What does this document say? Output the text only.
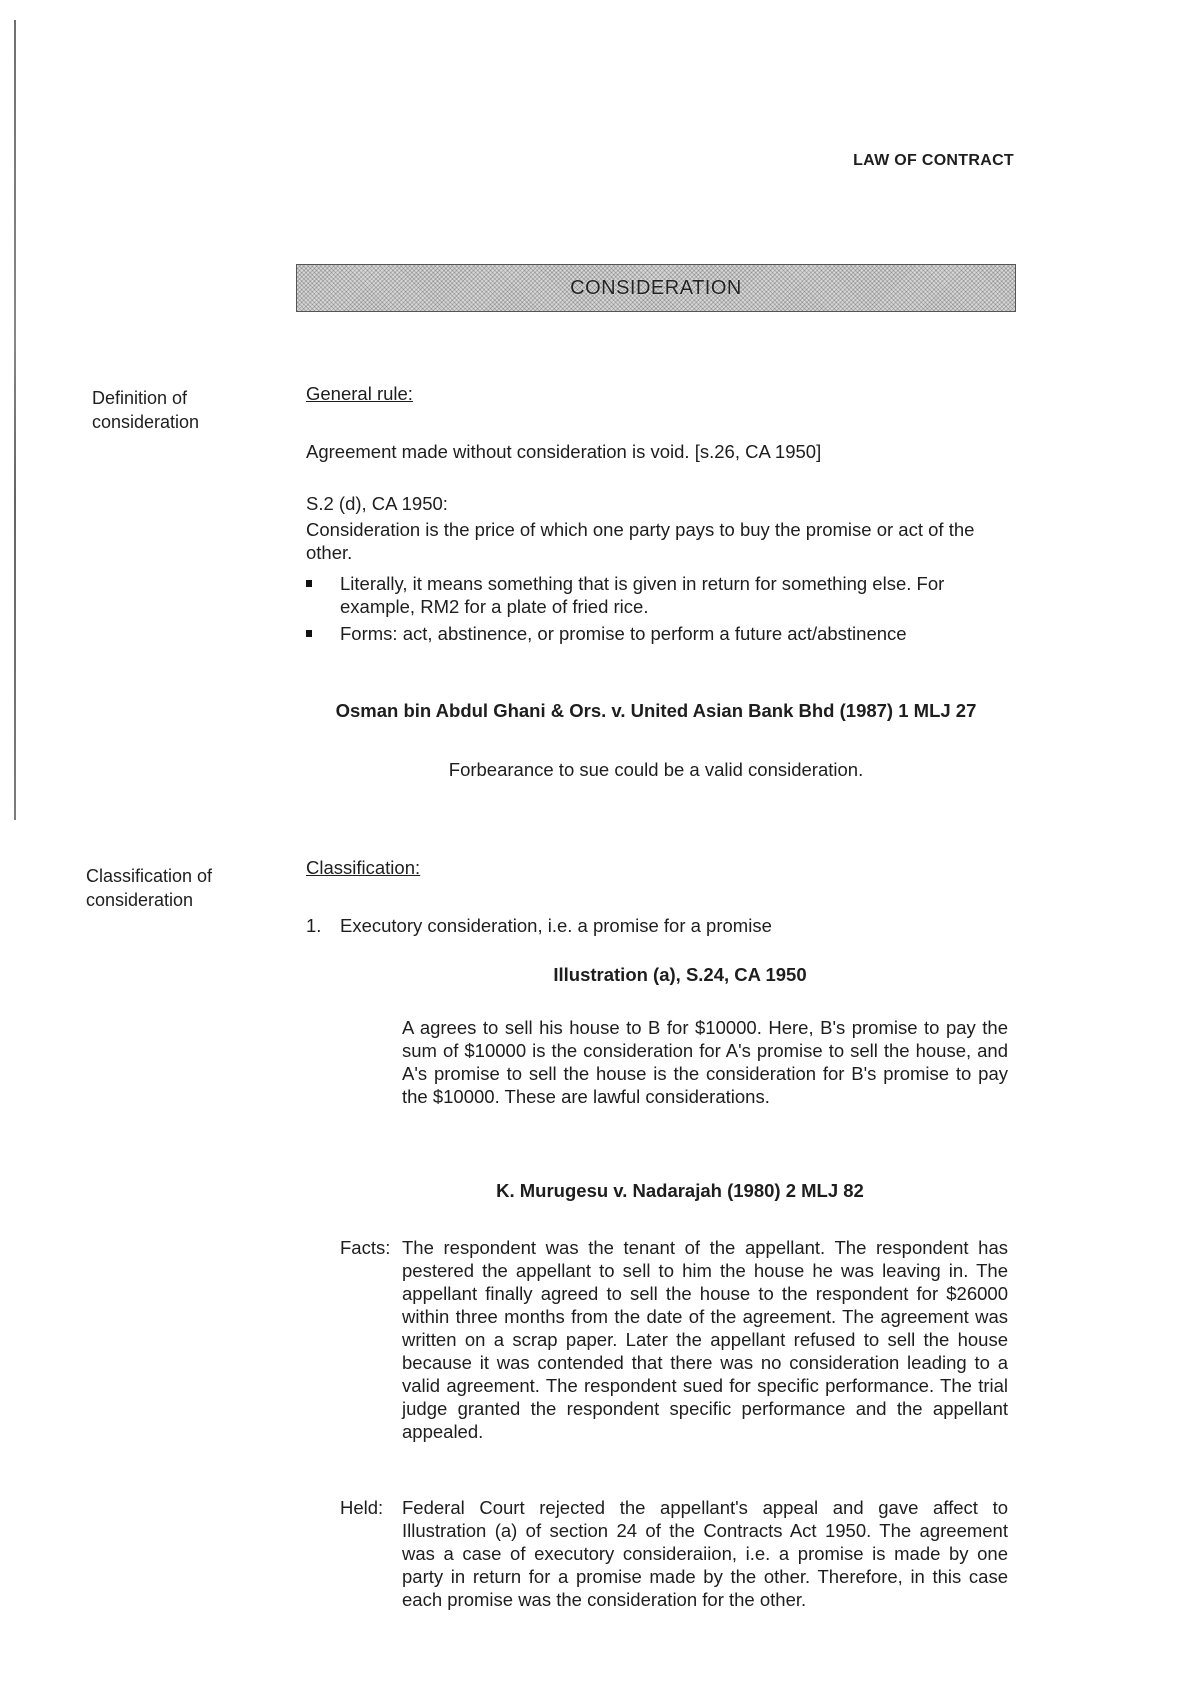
LAW OF CONTRACT
CONSIDERATION
Definition of consideration
Classification of consideration
General rule:
Agreement made without consideration is void. [s.26, CA 1950]
S.2 (d), CA 1950:
Consideration is the price of which one party pays to buy the promise or act of the other.
Literally, it means something that is given in return for something else. For example, RM2 for a plate of fried rice.
Forms: act, abstinence, or promise to perform a future act/abstinence
Osman bin Abdul Ghani & Ors. v. United Asian Bank Bhd (1987) 1 MLJ 27
Forbearance to sue could be a valid consideration.
Classification:
1. Executory consideration, i.e. a promise for a promise
Illustration (a), S.24, CA 1950
A agrees to sell his house to B for $10000. Here, B's promise to pay the sum of $10000 is the consideration for A's promise to sell the house, and A's promise to sell the house is the consideration for B's promise to pay the $10000. These are lawful considerations.
K. Murugesu v. Nadarajah (1980) 2 MLJ 82
Facts: The respondent was the tenant of the appellant. The respondent has pestered the appellant to sell to him the house he was leaving in. The appellant finally agreed to sell the house to the respondent for $26000 within three months from the date of the agreement. The agreement was written on a scrap paper. Later the appellant refused to sell the house because it was contended that there was no consideration leading to a valid agreement. The respondent sued for specific performance. The trial judge granted the respondent specific performance and the appellant appealed.
Held: Federal Court rejected the appellant's appeal and gave affect to Illustration (a) of section 24 of the Contracts Act 1950. The agreement was a case of executory consideraiion, i.e. a promise is made by one party in return for a promise made by the other. Therefore, in this case each promise was the consideration for the other.
